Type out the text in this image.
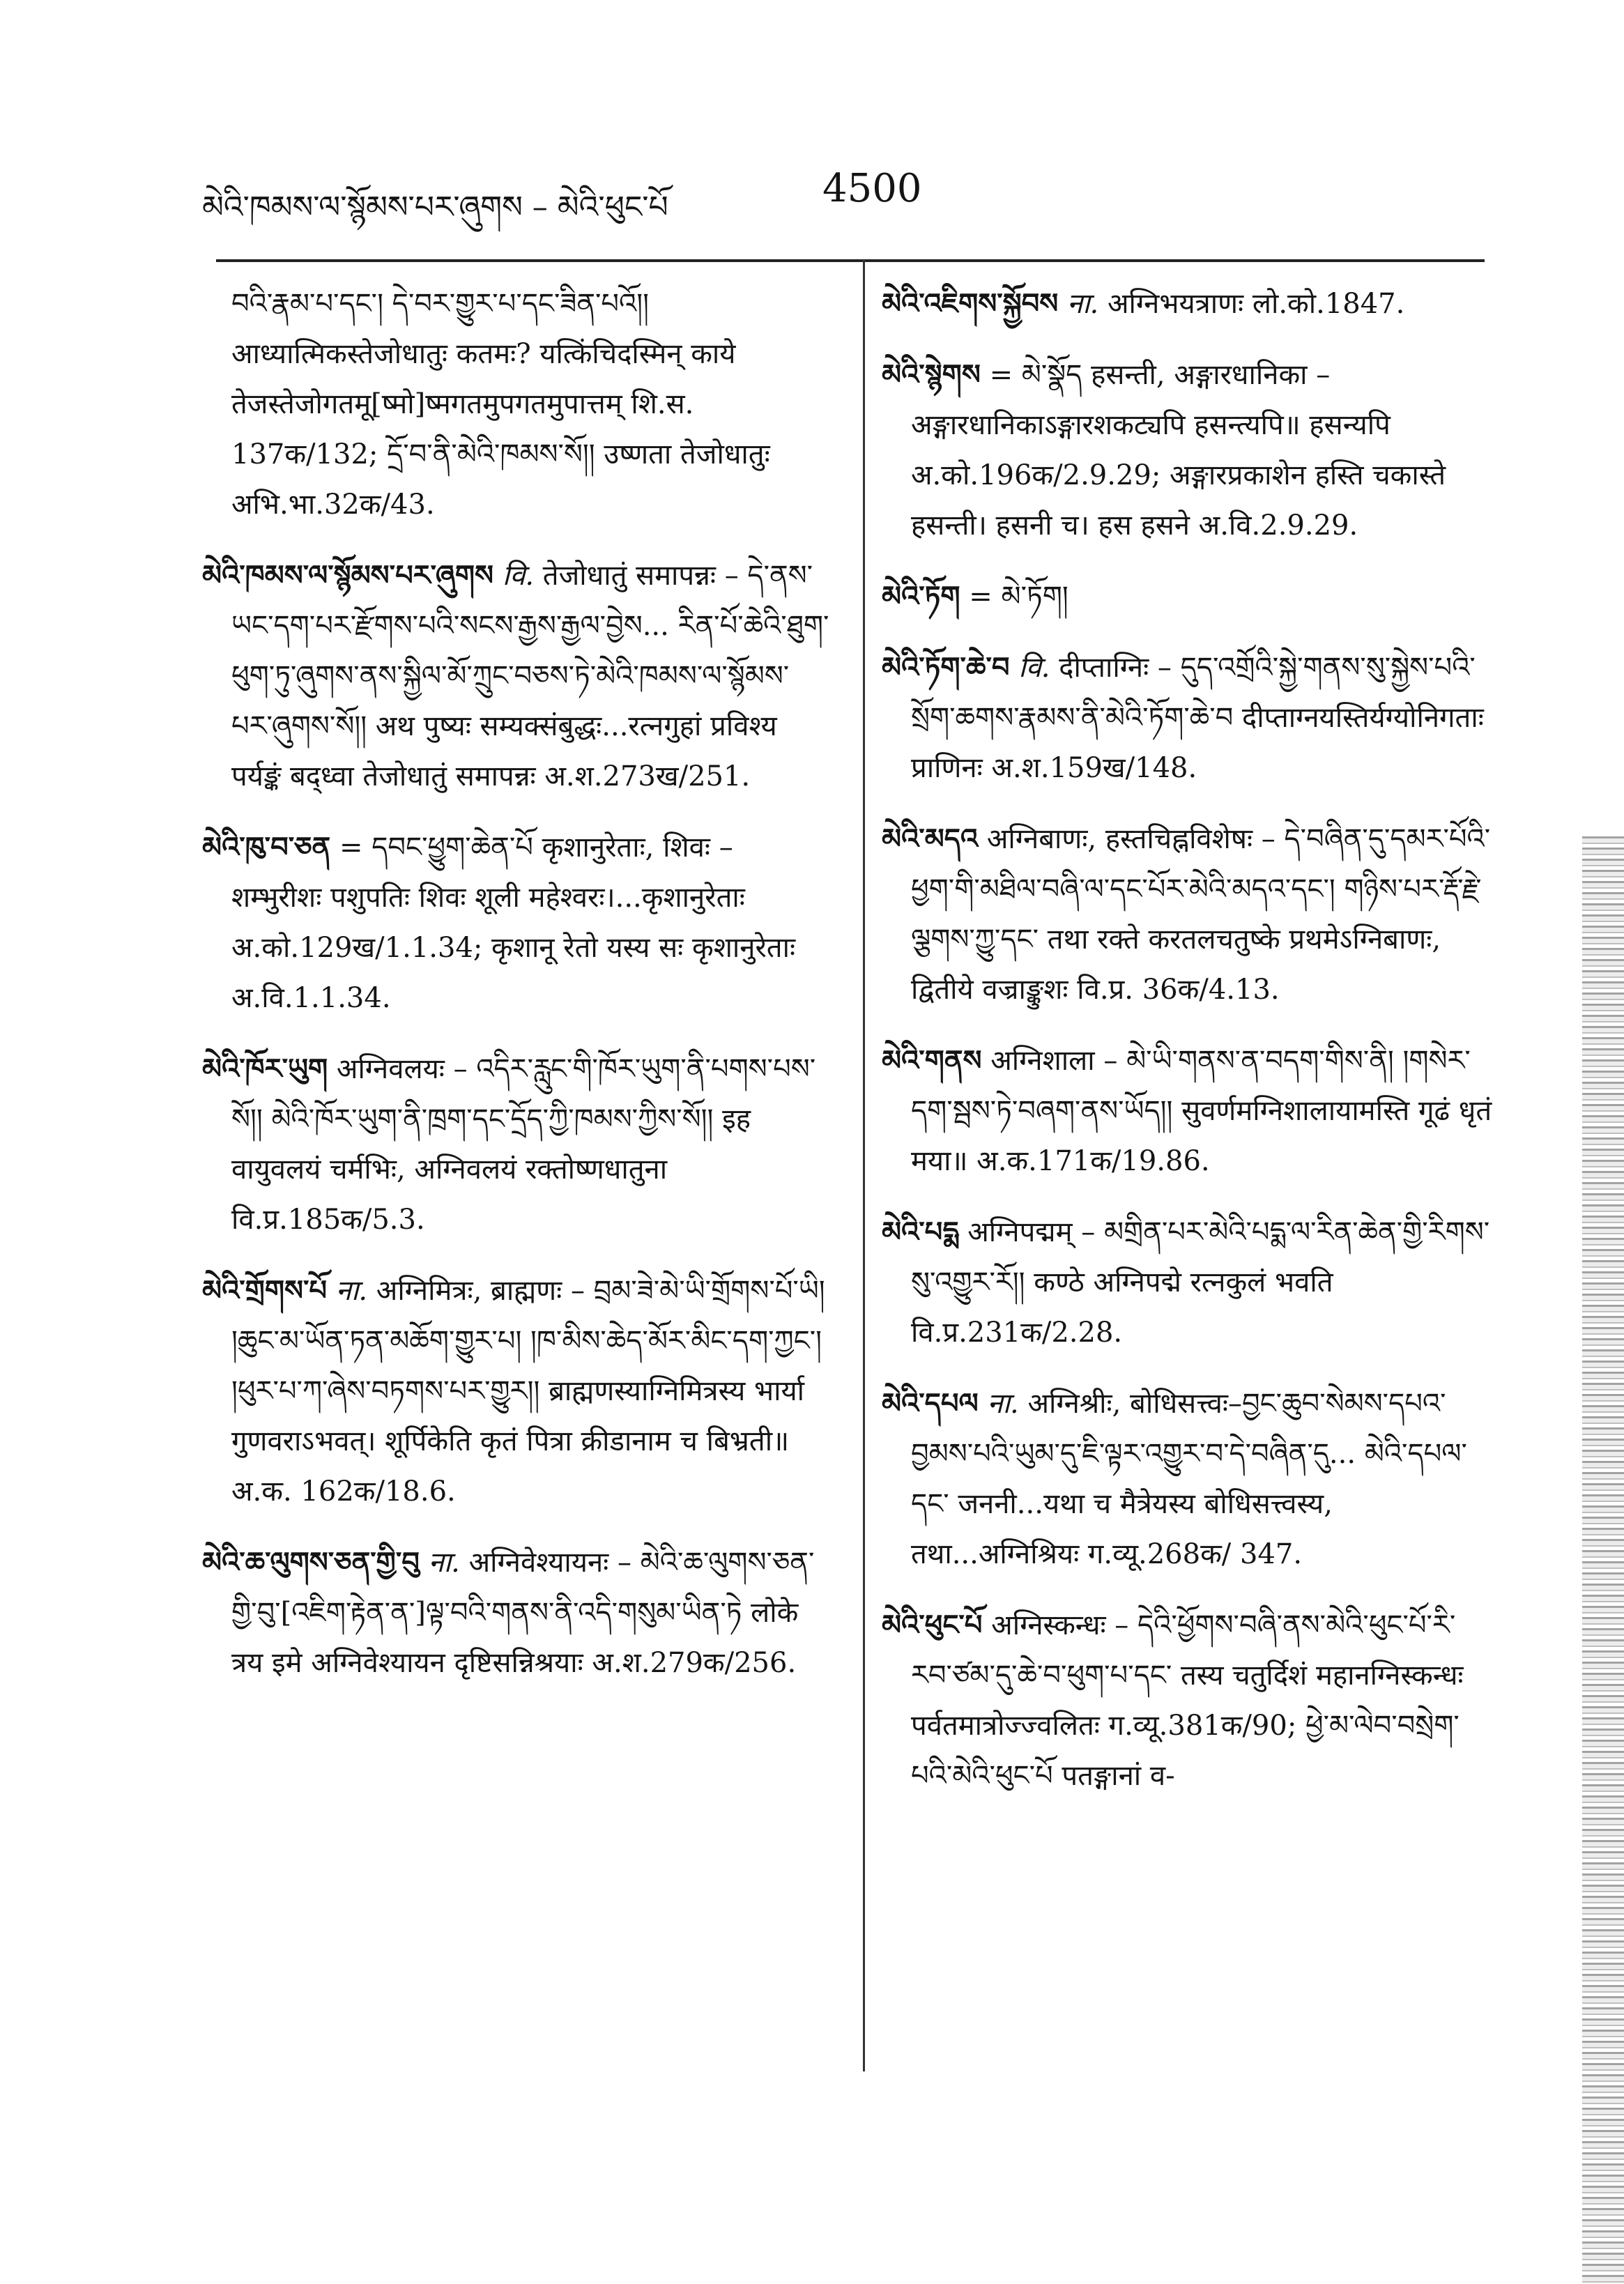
མེའི་ཁམས་ལ་སྙོམས་པར་ཞུགས – མེའི་ཕུང་པོ	4500

བའི་རྣམ་པ་དང་། དེ་བར་གྱུར་པ་དང་ཟིན་པའོ།། आध्यात्मिकस्तेजोधातुः कतमः? यत्किंचिदस्मिन् काये तेजस्तेजोगतमू[ष्मो]ष्मगतमुपगतमुपात्तम् शि.स. 137क/132; དྲོ་བ་ནི་མེའི་ཁམས་སོ།། उष्णता तेजोधातुः अभि.भा.32क/43.

མེའི་ཁམས་ལ་སྙོམས་པར་ཞུགས वि. तेजोधातुं समापन्नः – དེ་ནས་ཡང་དག་པར་རྫོགས་པའི་སངས་རྒྱས་རྒྱལ་བྱེས... རིན་པོ་ཆེའི་ཐུག་ཕུག་ཏུ་ཞུགས་ནས་སྐྱིལ་མོ་ཀྲུང་བཅས་ཏེ་མེའི་ཁམས་ལ་སྙོམས་པར་ཞུགས་སོ།། अथ पुष्यः सम्यक्संबुद्धः...रत्नगुहां प्रविश्य पर्यङ्कं बद्ध्वा तेजोधातुं समापन्नः अ.श.273ख/251.

མེའི་ཁུ་བ་ཅན = དབང་ཕྱུག་ཆེན་པོ कृशानुरेताः, शिवः – शम्भुरीशः पशुपतिः शिवः शूली महेश्वरः।...कृशानुरेताः अ.को.129ख/1.1.34; कृशानू रेतो यस्य सः कृशानुरेताः अ.वि.1.1.34.

མེའི་ཁོར་ཡུག अग्निवलयः – འདིར་རླུང་གི་ཁོར་ཡུག་ནི་པགས་པས་སོ།། མེའི་ཁོར་ཡུག་ནི་ཁྲག་དང་དྲོད་ཀྱི་ཁམས་ཀྱིས་སོ།། इह वायुवलयं चर्मभिः, अग्निवलयं रक्तोष्णधातुना वि.प्र.185क/5.3.

མེའི་གྲོགས་པོ ना. अग्निमित्रः, ब्राह्मणः – བྲམ་ཟེ་མེ་ཡི་གྲོགས་པོ་ཡི། །ཆུང་མ་ཡོན་ཏན་མཆོག་གྱུར་པ། །ཁ་མིས་ཆེད་མོར་མིང་དག་ཀྱང་། །ཕུར་པ་ཀ་ཞེས་བཏགས་པར་གྱུར།། ब्राह्मणस्याग्निमित्रस्य भार्या गुणवराऽभवत्। शूर्पिकेति कृतं पित्रा क्रीडानाम च बिभ्रती॥ अ.क. 162क/18.6.

མེའི་ཆ་ལུགས་ཅན་གྱི་བུ ना. अग्निवेश्यायनः – མེའི་ཆ་ལུགས་ཅན་གྱི་བུ་[འཇིག་རྟེན་ན་]ལྟ་བའི་གནས་ནི་འདི་གསུམ་ཡིན་ཏེ लोके त्रय इमे अग्निवेश्यायन दृष्टिसन्निश्रयाः अ.श.279क/256.

མེའི་འཇིགས་སྐྱོབས ना. अग्निभयत्राणः लो.को.1847.

མེའི་སྙེགས = མེ་སྣོད हसन्ती, अङ्गारधानिका – अङ्गारधानिकाऽङ्गारशकट्यपि हसन्त्यपि॥ हसन्यपि अ.को.196क/2.9.29; अङ्गारप्रकाशेन हस्ति चकास्ते हसन्ती। हसनी च। हस हसने अ.वि.2.9.29.

མེའི་ཏོག = མེ་ཏོག།

མེའི་ཏོག་ཆེ་བ वि. दीप्ताग्निः – དུད་འགྲོའི་སྐྱེ་གནས་སུ་སྐྱེས་པའི་སྲོག་ཆགས་རྣམས་ནི་མེའི་ཏོག་ཆེ་བ दीप्ताग्नयस्तिर्यग्योनिगताः प्राणिनः अ.श.159ख/148.

མེའི་མདའ अग्निबाणः, हस्तचिह्नविशेषः – དེ་བཞིན་དུ་དམར་པོའི་ཕྱག་གི་མཐིལ་བཞི་ལ་དང་པོར་མེའི་མདའ་དང་། གཉིས་པར་རྡོ་རྗེ་ལྕགས་ཀྱུ་དང་ तथा रक्ते करतलचतुष्के प्रथमेऽग्निबाणः, द्वितीये वज्राङ्कुशः वि.प्र. 36क/4.13.

མེའི་གནས अग्निशाला – མེ་ཡི་གནས་ན་བདག་གིས་ནི། །གསེར་དག་སྦས་ཏེ་བཞག་ནས་ཡོད།། सुवर्णमग्निशालायामस्ति गूढं धृतं मया॥ अ.क.171क/19.86.

མེའི་པདྨ अग्निपद्मम् – མགྲིན་པར་མེའི་པདྨ་ལ་རིན་ཆེན་གྱི་རིགས་སུ་འགྱུར་རོ།། कण्ठे अग्निपद्मे रत्नकुलं भवति वि.प्र.231क/2.28.

མེའི་དཔལ ना. अग्निश्रीः, बोधिसत्त्वः–བྱང་ཆུབ་སེམས་དཔའ་བྱམས་པའི་ཡུམ་དུ་ཇི་ལྟར་འགྱུར་བ་དེ་བཞིན་དུ... མེའི་དཔལ་དང་ जननी...यथा च मैत्रेयस्य बोधिसत्त्वस्य, तथा...अग्निश्रियः ग.व्यू.268क/ 347.

མེའི་ཕུང་པོ अग्निस्कन्धः – དེའི་ཕྱོགས་བཞི་ནས་མེའི་ཕུང་པོ་རི་རབ་ཙམ་དུ་ཆེ་བ་ཕུག་པ་དང་ तस्य चतुर्दिशं महानग्निस्कन्धः पर्वतमात्रोज्ज्वलितः ग.व्यू.381क/90; ཕྱེ་མ་ལེབ་བསྲེག་པའི་མེའི་ཕུང་པོ पतङ्गानां व-
